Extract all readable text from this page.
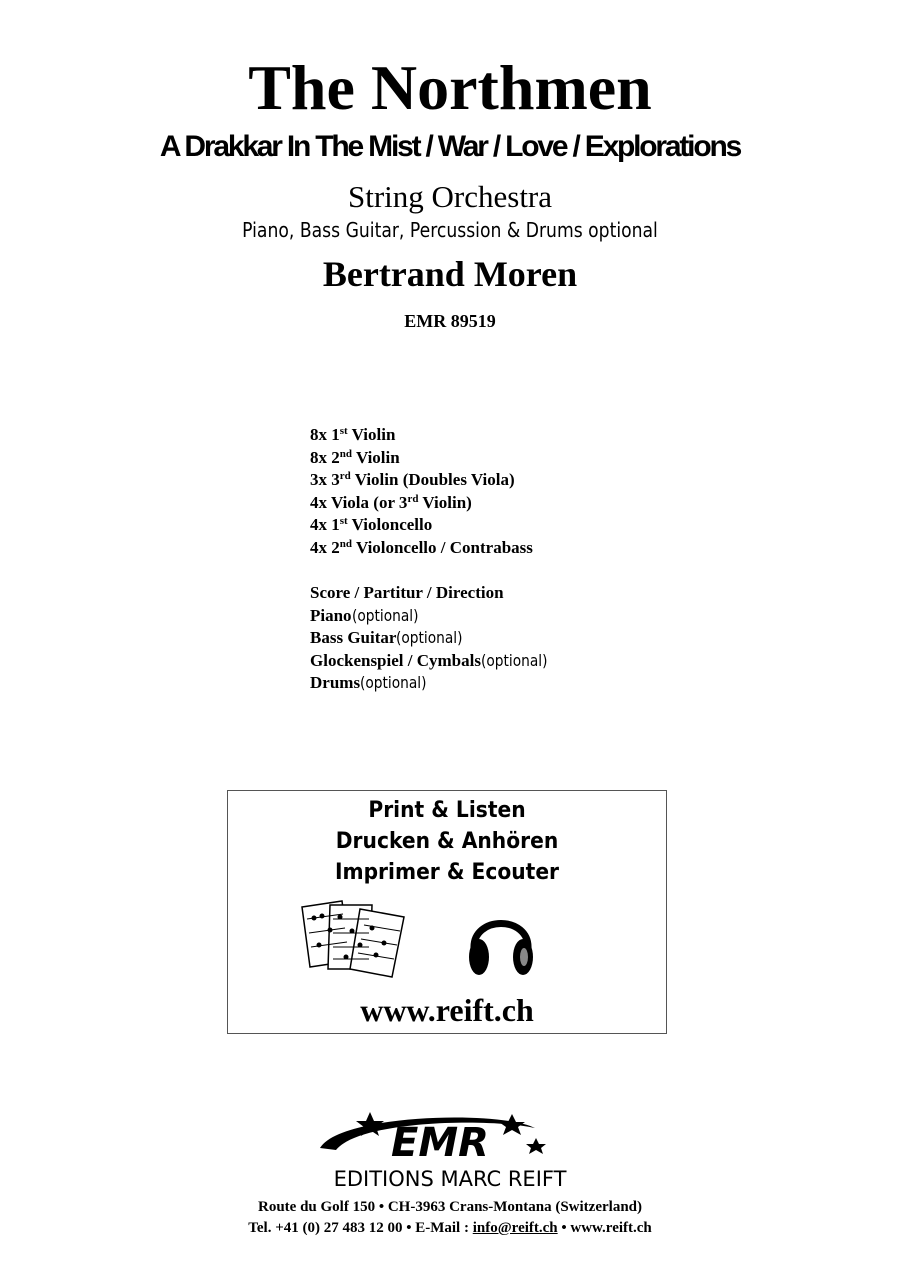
The Northmen
A Drakkar In The Mist / War / Love / Explorations
String Orchestra
Piano, Bass Guitar, Percussion & Drums optional
Bertrand Moren
EMR 89519
8x 1st Violin
8x 2nd Violin
3x 3rd Violin (Doubles Viola)
4x Viola (or 3rd Violin)
4x 1st Violoncello
4x 2nd Violoncello / Contrabass
Score / Partitur / Direction
Piano(optional)
Bass Guitar(optional)
Glockenspiel / Cymbals(optional)
Drums(optional)
Print & Listen
Drucken & Anhören
Imprimer & Ecouter
www.reift.ch
EMR
EDITIONS MARC REIFT
Route du Golf 150 • CH-3963 Crans-Montana (Switzerland)
Tel. +41 (0) 27 483 12 00 • E-Mail : info@reift.ch • www.reift.ch
